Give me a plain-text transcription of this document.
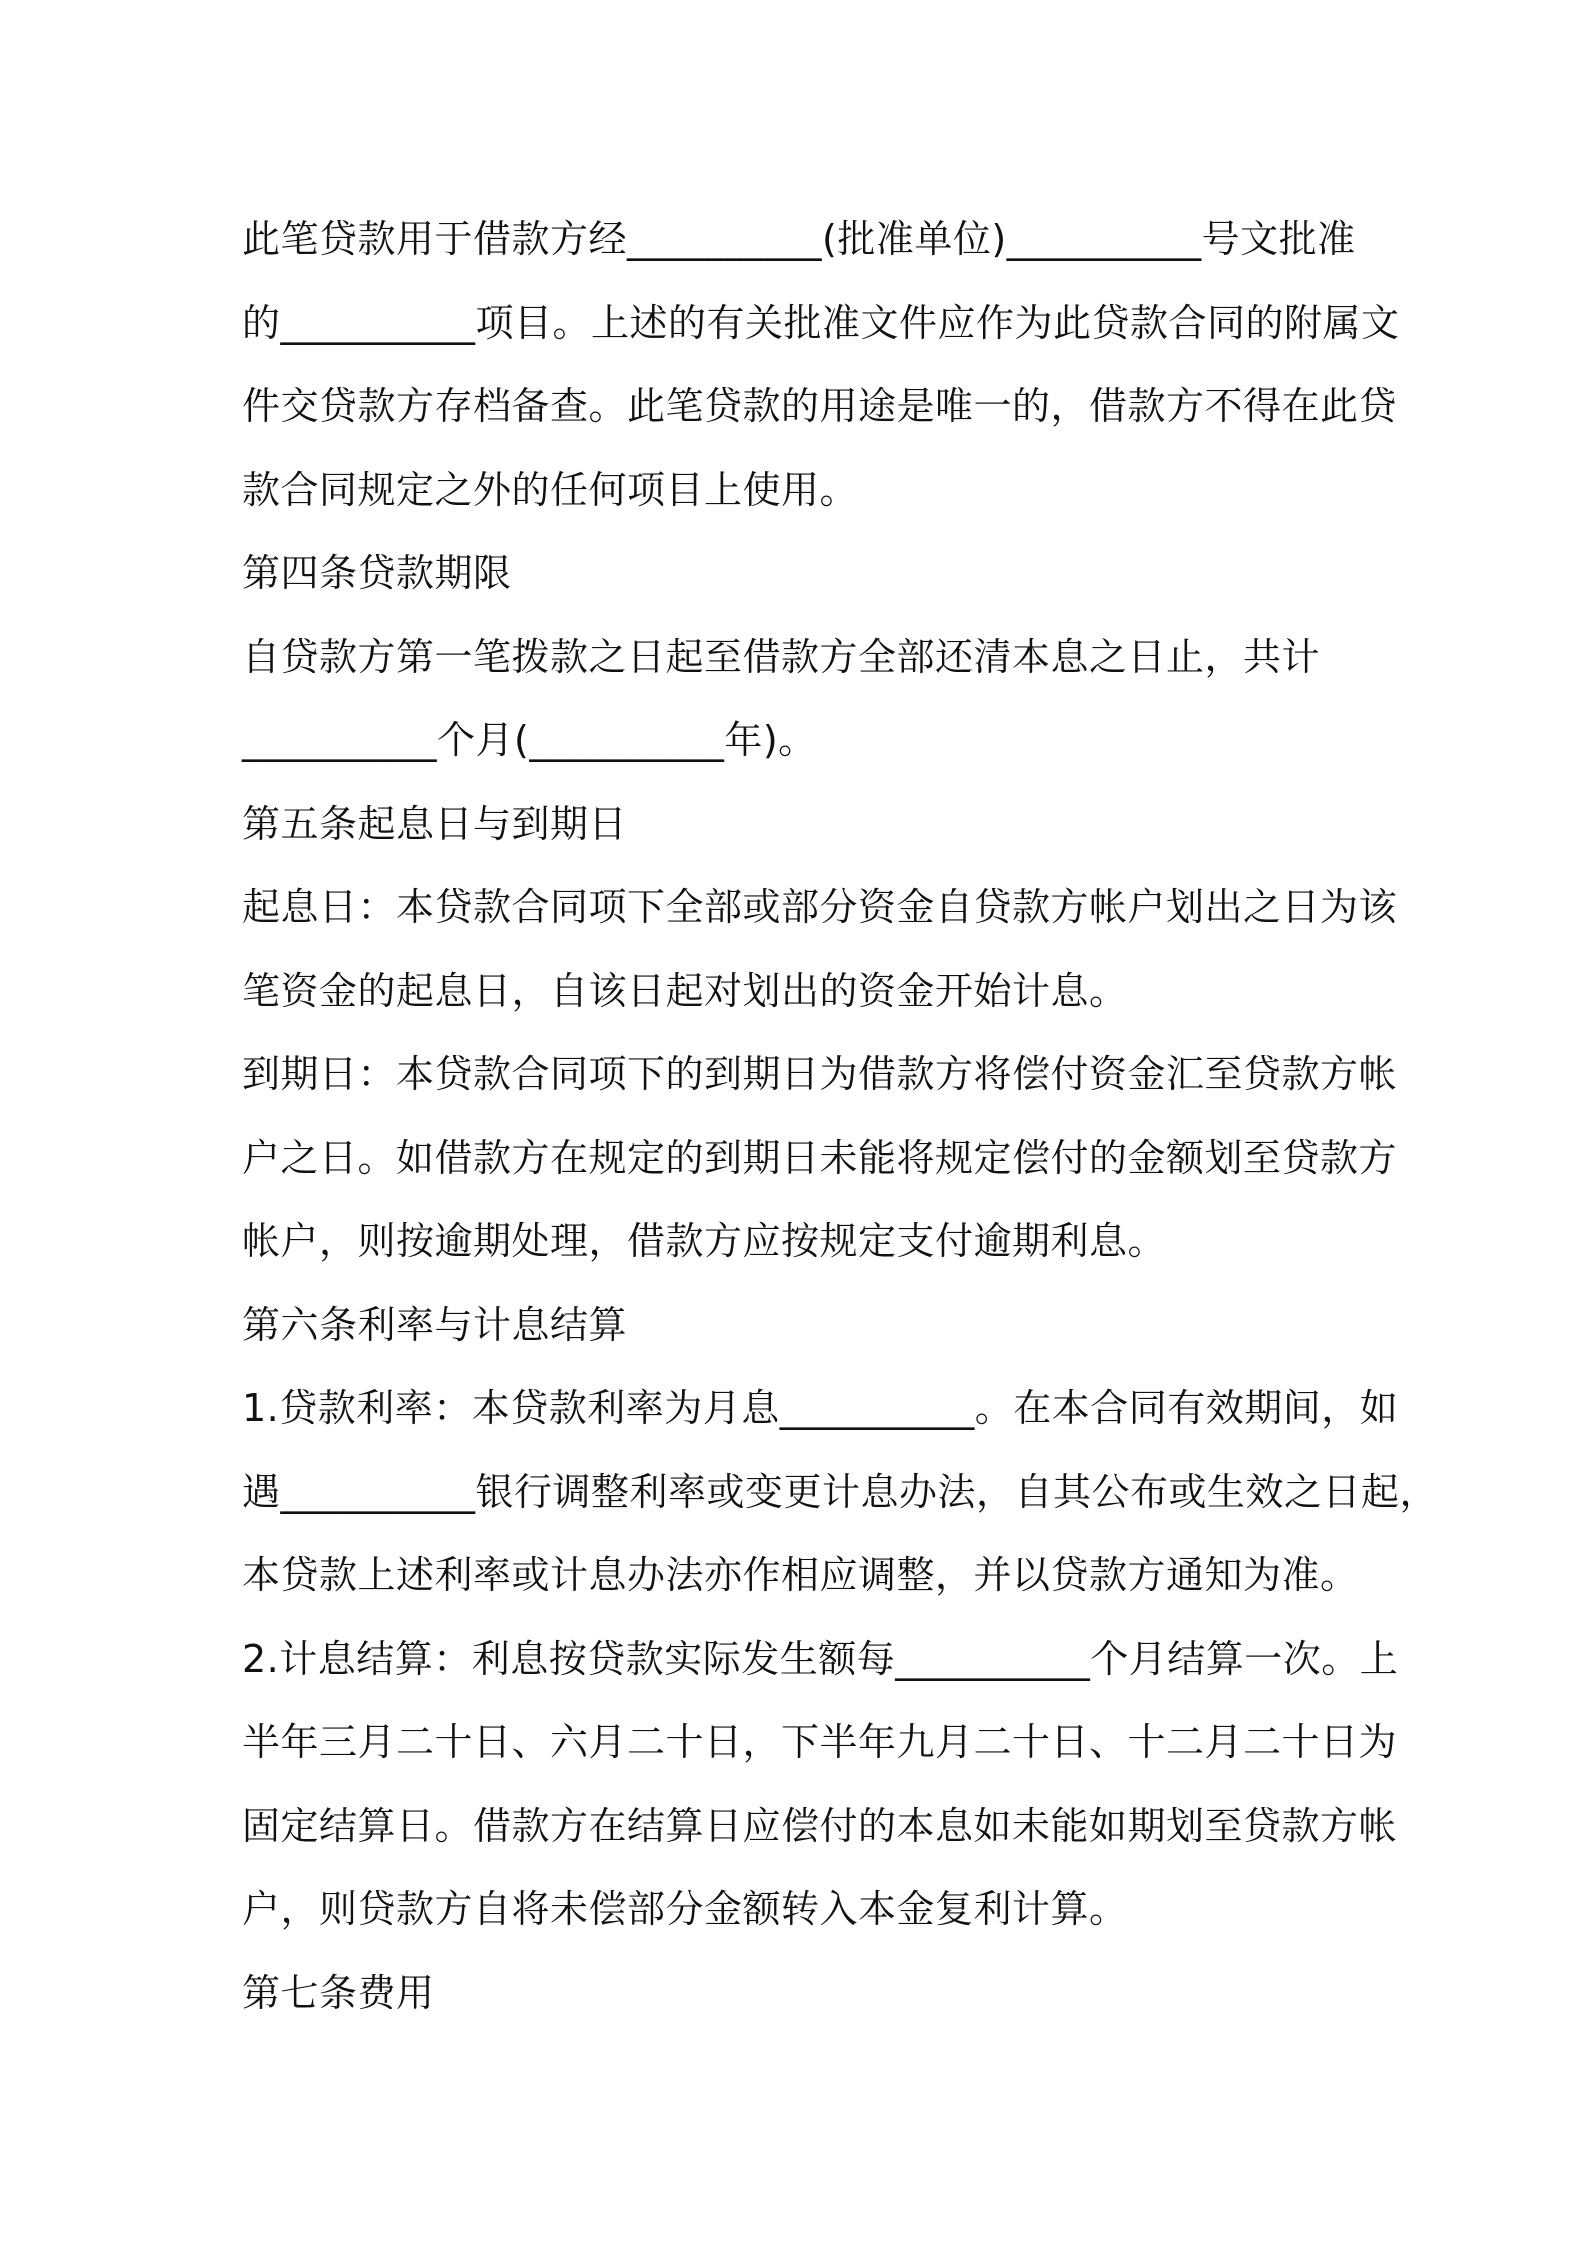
此笔贷款用于借款方经__________(批准单位)__________号文批准
的__________项目。上述的有关批准文件应作为此贷款合同的附属文
件交贷款方存档备查。此笔贷款的用途是唯一的，借款方不得在此贷
款合同规定之外的任何项目上使用。
第四条贷款期限
自贷款方第一笔拨款之日起至借款方全部还清本息之日止，共计
__________个月(__________年)。
第五条起息日与到期日
起息日：本贷款合同项下全部或部分资金自贷款方帐户划出之日为该
笔资金的起息日，自该日起对划出的资金开始计息。
到期日：本贷款合同项下的到期日为借款方将偿付资金汇至贷款方帐
户之日。如借款方在规定的到期日未能将规定偿付的金额划至贷款方
帐户，则按逾期处理，借款方应按规定支付逾期利息。
第六条利率与计息结算
1.贷款利率：本贷款利率为月息__________。在本合同有效期间，如
遇__________银行调整利率或变更计息办法，自其公布或生效之日起，
本贷款上述利率或计息办法亦作相应调整，并以贷款方通知为准。
2.计息结算：利息按贷款实际发生额每__________个月结算一次。上
半年三月二十日、六月二十日，下半年九月二十日、十二月二十日为
固定结算日。借款方在结算日应偿付的本息如未能如期划至贷款方帐
户，则贷款方自将未偿部分金额转入本金复利计算。
第七条费用
